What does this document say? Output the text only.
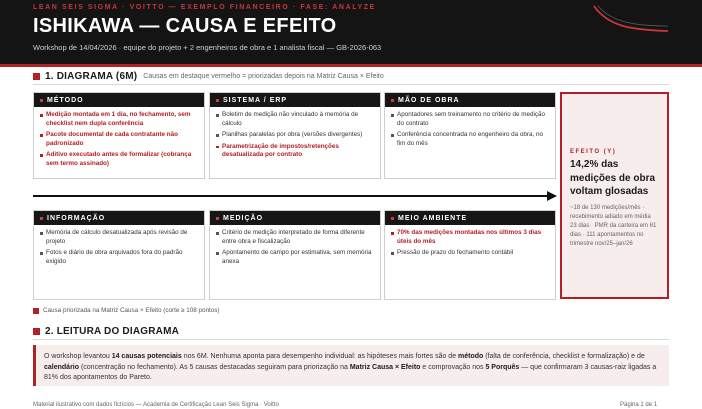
LEAN SEIS SIGMA · VOITTO — EXEMPLO FINANCEIRO · FASE: ANALYZE
ISHIKAWA — CAUSA E EFEITO
Workshop de 14/04/2026 · equipe do projeto + 2 engenheiros de obra e 1 analista fiscal — GB-2026-063
1. DIAGRAMA (6M) Causas em destaque vermelho = priorizadas depois na Matriz Causa × Efeito
MÉTODO
Medição montada em 1 dia, no fechamento, sem checklist nem dupla conferência
Pacote documental de cada contratante não padronizado
Aditivo executado antes de formalizar (cobrança sem termo assinado)
SISTEMA / ERP
Boletim de medição não vinculado à memória de cálculo
Planilhas paralelas por obra (versões divergentes)
Parametrização de impostos/retenções desatualizada por contrato
MÃO DE OBRA
Apontadores sem treinamento no critério de medição do contrato
Conferência concentrada no engenheiro da obra, no fim do mês
INFORMAÇÃO
Memória de cálculo desatualizada após revisão de projeto
Fotos e diário de obra arquivados fora do padrão exigido
MEDIÇÃO
Critério de medição interpretado de forma diferente entre obra e fiscalização
Apontamento de campo por estimativa, sem memória anexa
MEIO AMBIENTE
70% das medições montadas nos últimos 3 dias úteis do mês
Pressão de prazo do fechamento contábil
EFEITO (Y)
14,2% das medições de obra voltam glosadas
~18 de 130 medições/mês · recebimento adiado em média 23 dias · PMR da carteira em 61 dias · 111 apontamentos no trimestre nov/25–jan/26
Causa priorizada na Matriz Causa × Efeito (corte ≥ 108 pontos)
2. LEITURA DO DIAGRAMA

O workshop levantou 14 causas potenciais nos 6M. Nenhuma aponta para desempenho individual: as hipóteses mais fortes são de método (falta de conferência, checklist e formalização) e de calendário (concentração no fechamento). As 5 causas destacadas seguiram para priorização na Matriz Causa × Efeito e comprovação nos 5 Porquês — que confirmaram 3 causas-raiz ligadas a 81% dos apontamentos do Pareto.

Material ilustrativo com dados fictícios — Academia de Certificação Lean Seis Sigma · Voitto	Página 1 de 1
